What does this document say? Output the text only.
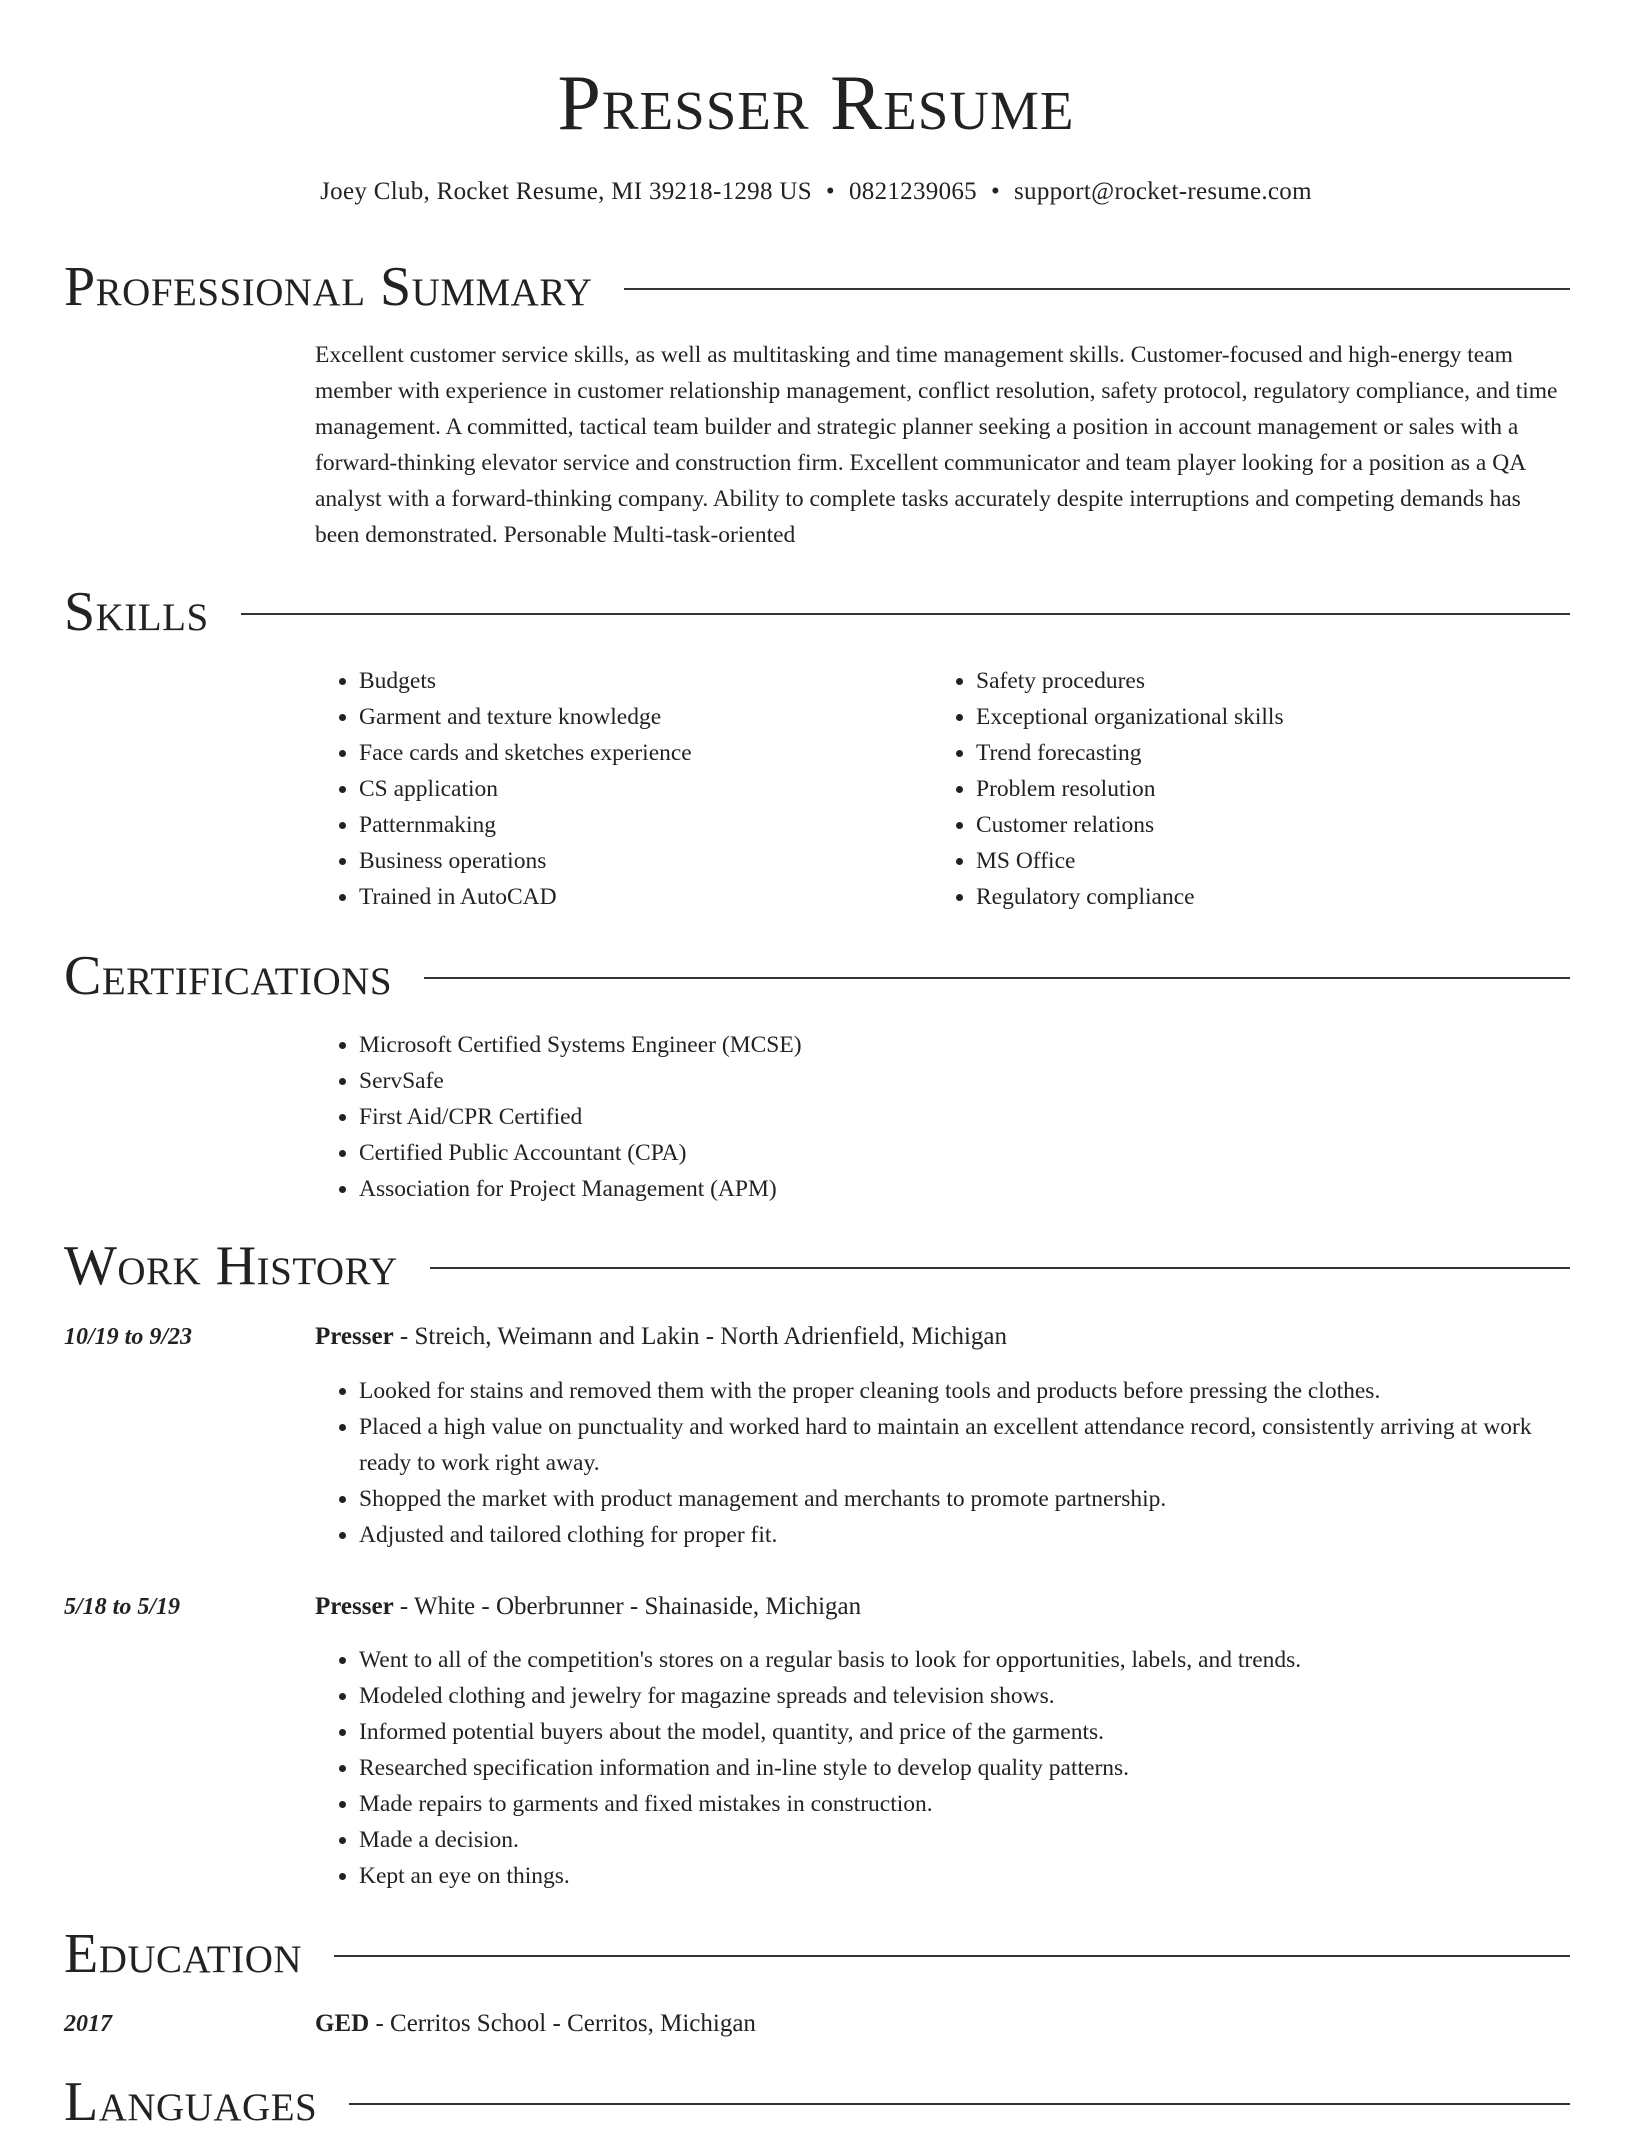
Presser Resume
Joey Club, Rocket Resume, MI 39218-1298 US • 0821239065 • support@rocket-resume.com
Professional Summary

Excellent customer service skills, as well as multitasking and time management skills. Customer-focused and high-energy team member with experience in customer relationship management, conflict resolution, safety protocol, regulatory compliance, and time management. A committed, tactical team builder and strategic planner seeking a position in account management or sales with a forward-thinking elevator service and construction firm. Excellent communicator and team player looking for a position as a QA analyst with a forward-thinking company. Ability to complete tasks accurately despite interruptions and competing demands has been demonstrated. Personable Multi-task-oriented

Skills
• Budgets
• Garment and texture knowledge
• Face cards and sketches experience
• CS application
• Patternmaking
• Business operations
• Trained in AutoCAD
• Safety procedures
• Exceptional organizational skills
• Trend forecasting
• Problem resolution
• Customer relations
• MS Office
• Regulatory compliance
Certifications
• Microsoft Certified Systems Engineer (MCSE)
• ServSafe
• First Aid/CPR Certified
• Certified Public Accountant (CPA)
• Association for Project Management (APM)
Work History
10/19 to 9/23	Presser - Streich, Weimann and Lakin - North Adrienfield, Michigan
• Looked for stains and removed them with the proper cleaning tools and products before pressing the clothes.
• Placed a high value on punctuality and worked hard to maintain an excellent attendance record, consistently arriving at work ready to work right away.
• Shopped the market with product management and merchants to promote partnership.
• Adjusted and tailored clothing for proper fit.
5/18 to 5/19	Presser - White - Oberbrunner - Shainaside, Michigan
• Went to all of the competition's stores on a regular basis to look for opportunities, labels, and trends.
• Modeled clothing and jewelry for magazine spreads and television shows.
• Informed potential buyers about the model, quantity, and price of the garments.
• Researched specification information and in-line style to develop quality patterns.
• Made repairs to garments and fixed mistakes in construction.
• Made a decision.
• Kept an eye on things.
Education
2017	GED - Cerritos School - Cerritos, Michigan
Languages
